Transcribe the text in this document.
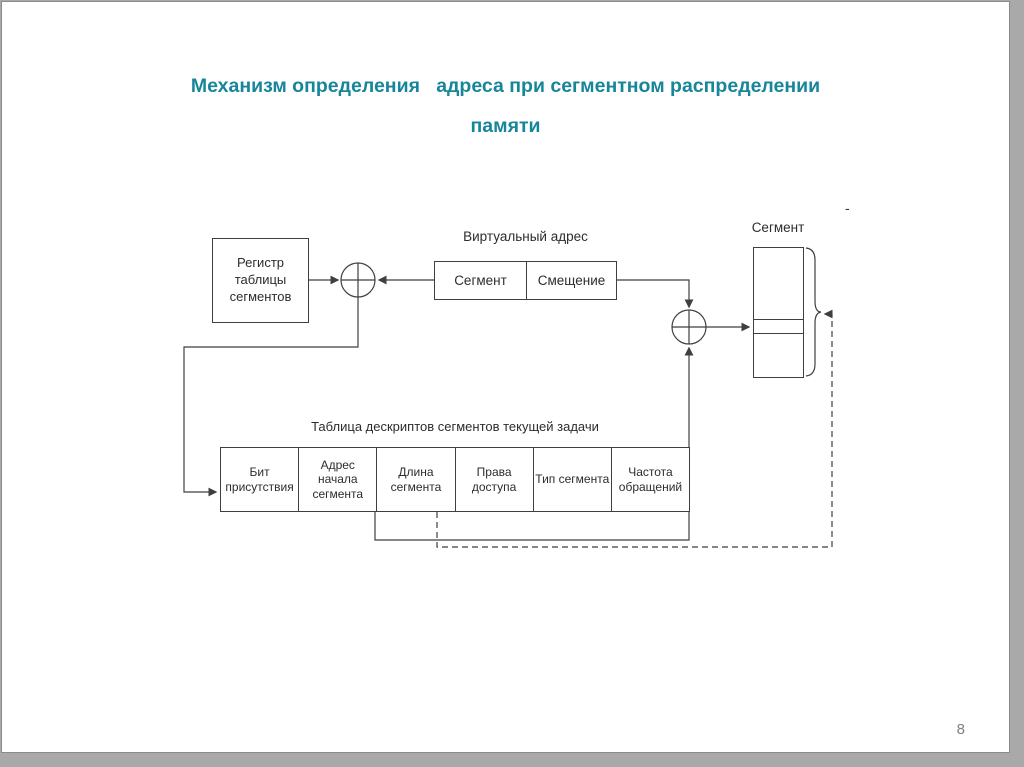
Механизм определения   адреса при сегментном распределении
памяти
Регистр таблицы сегментов
Виртуальный адрес
Сегмент	Смещение
Сегмент
-
Таблица дескриптов сегментов текущей задачи
Бит присутствия
Адрес начала сегмента
Длина сегмента
Права доступа
Тип сегмента
Частота обращений
8
